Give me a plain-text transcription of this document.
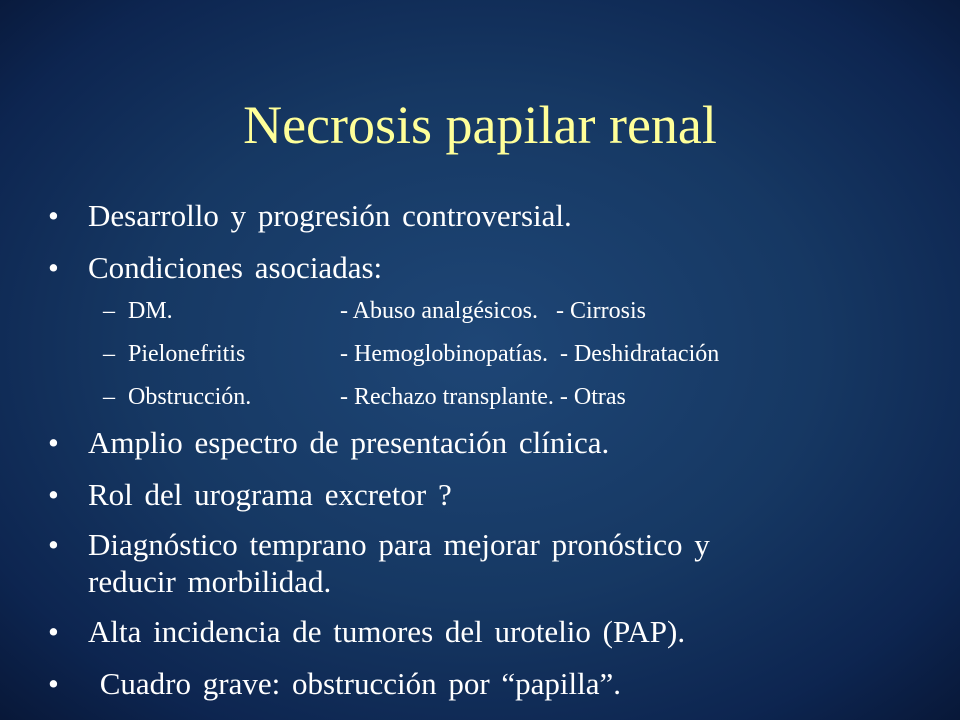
Necrosis papilar renal
• Desarrollo y progresión controversial.
• Condiciones asociadas:
– DM.	- Abuso analgésicos.   - Cirrosis
– Pielonefritis	- Hemoglobinopatías.  - Deshidratación
– Obstrucción.	- Rechazo transplante. - Otras
• Amplio espectro de presentación clínica.
• Rol del urograma excretor ?
• Diagnóstico temprano para mejorar pronóstico y
reducir morbilidad.
• Alta incidencia de tumores del urotelio (PAP).
• Cuadro grave: obstrucción por “papilla”.
